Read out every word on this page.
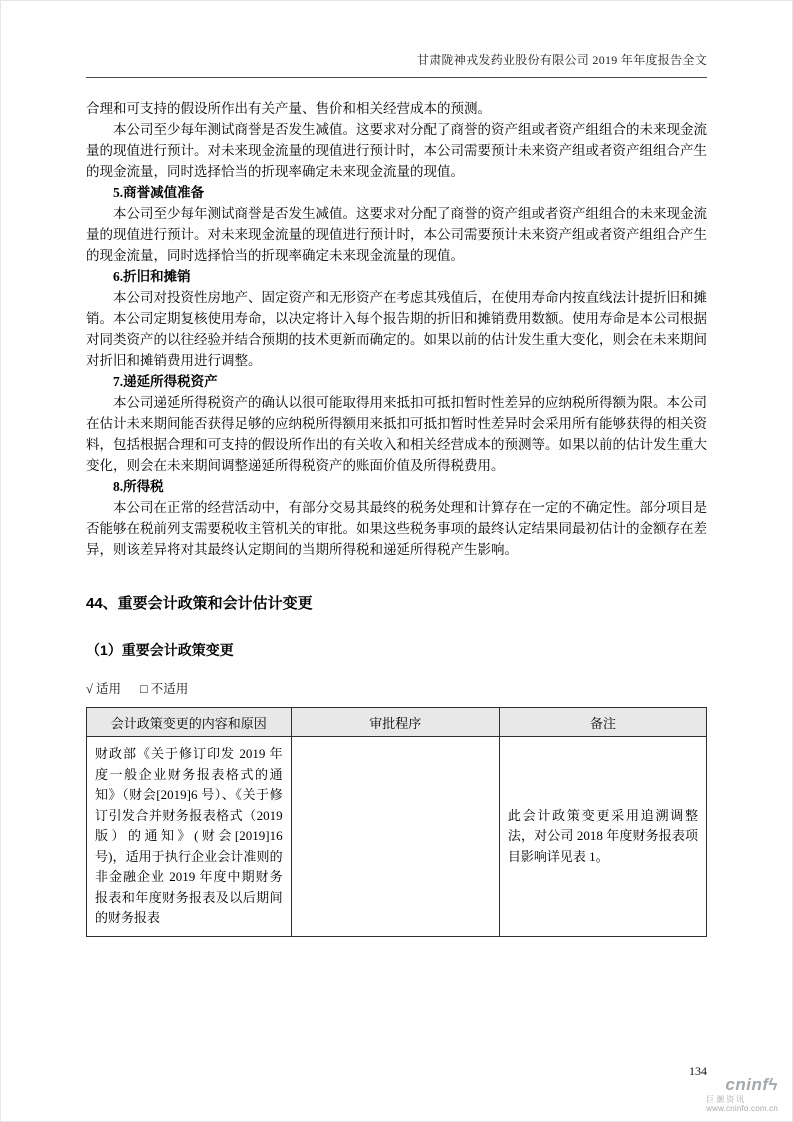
甘肃陇神戎发药业股份有限公司 2019 年年度报告全文

合理和可支持的假设所作出有关产量、售价和相关经营成本的预测。

本公司至少每年测试商誉是否发生减值。这要求对分配了商誉的资产组或者资产组组合的未来现金流量的现值进行预计。对未来现金流量的现值进行预计时，本公司需要预计未来资产组或者资产组组合产生的现金流量，同时选择恰当的折现率确定未来现金流量的现值。

5.商誉减值准备

本公司至少每年测试商誉是否发生减值。这要求对分配了商誉的资产组或者资产组组合的未来现金流量的现值进行预计。对未来现金流量的现值进行预计时，本公司需要预计未来资产组或者资产组组合产生的现金流量，同时选择恰当的折现率确定未来现金流量的现值。

6.折旧和摊销

本公司对投资性房地产、固定资产和无形资产在考虑其残值后，在使用寿命内按直线法计提折旧和摊销。本公司定期复核使用寿命，以决定将计入每个报告期的折旧和摊销费用数额。使用寿命是本公司根据对同类资产的以往经验并结合预期的技术更新而确定的。如果以前的估计发生重大变化，则会在未来期间对折旧和摊销费用进行调整。

7.递延所得税资产

本公司递延所得税资产的确认以很可能取得用来抵扣可抵扣暂时性差异的应纳税所得额为限。本公司在估计未来期间能否获得足够的应纳税所得额用来抵扣可抵扣暂时性差异时会采用所有能够获得的相关资料，包括根据合理和可支持的假设所作出的有关收入和相关经营成本的预测等。如果以前的估计发生重大变化，则会在未来期间调整递延所得税资产的账面价值及所得税费用。

8.所得税

本公司在正常的经营活动中，有部分交易其最终的税务处理和计算存在一定的不确定性。部分项目是否能够在税前列支需要税收主管机关的审批。如果这些税务事项的最终认定结果同最初估计的金额存在差异，则该差异将对其最终认定期间的当期所得税和递延所得税产生影响。

44、重要会计政策和会计估计变更
（1）重要会计政策变更
√ 适用 □ 不适用
会计政策变更的内容和原因	审批程序	备注
财政部《关于修订印发 2019 年度一般企业财务报表格式的通知》（财会[2019]6 号）、《关于修订引发合并财务报表格式（2019 版）的通知》(财会[2019]16 号)，适用于执行企业会计准则的非金融企业 2019 年度中期财务报表和年度财务报表及以后期间的财务报表		此会计政策变更采用追溯调整法，对公司 2018 年度财务报表项目影响详见表 1。
134
cninfϟ
巨潮资讯
www.cninfo.com.cn
